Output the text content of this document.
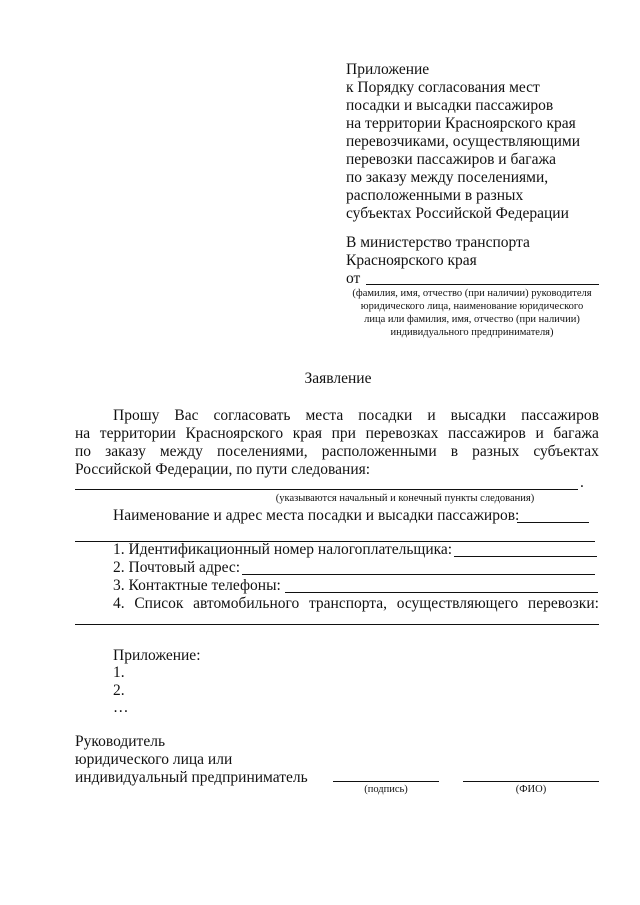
Приложение
к Порядку согласования мест
посадки и высадки пассажиров
на территории Красноярского края
перевозчиками, осуществляющими
перевозки пассажиров и багажа
по заказу между поселениями,
расположенными в разных
субъектах Российской Федерации
В министерство транспорта
Красноярского края
от
(фамилия, имя, отчество (при наличии) руководителя
юридического лица, наименование юридического
лица или фамилия, имя, отчество (при наличии)
индивидуального предпринимателя)
Заявление
Прошу Вас согласовать места посадки и высадки пассажиров
на территории Красноярского края при перевозках пассажиров и багажа
по заказу между поселениями, расположенными в разных субъектах
Российской Федерации, по пути следования:
.
(указываются начальный и конечный пункты следования)
Наименование и адрес места посадки и высадки пассажиров:
1. Идентификационный номер налогоплательщика:
2. Почтовый адрес:
3. Контактные телефоны:
4. Список автомобильного транспорта, осуществляющего перевозки:
Приложение:
1.
2.
…
Руководитель
юридического лица или
индивидуальный предприниматель
(подпись)	(ФИО)
